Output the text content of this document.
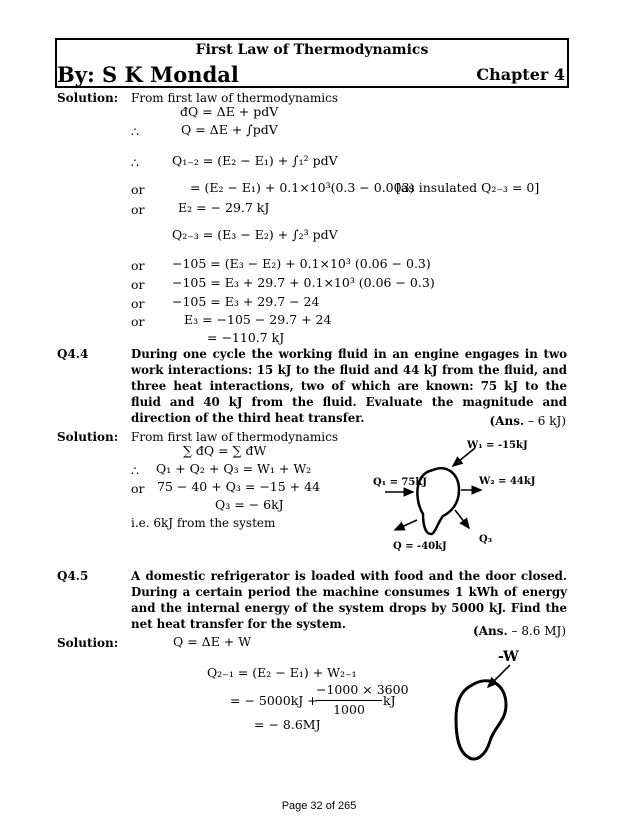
First Law of Thermodynamics
By: S K Mondal	Chapter 4
Solution: From first law of thermodynamics
đQ = ΔE + pdV
∴	Q = ΔE + ∫pdV
∴	Q₁₋₂ = (E₂ − E₁) + ∫₁² pdV
or	= (E₂ − E₁) + 0.1×10³(0.3 − 0.003)
[as insulated Q₂₋₃ = 0]
or	E₂ = − 29.7 kJ
Q₂₋₃ = (E₃ − E₂) + ∫₂³ pdV
or −105 = (E₃ − E₂) + 0.1×10³ (0.06 − 0.3)
or −105 = E₃ + 29.7 + 0.1×10³ (0.06 − 0.3)
or −105 = E₃ + 29.7 − 24
or	E₃ = −105 − 29.7 + 24
= −110.7 kJ
Q4.4	During one cycle the working fluid in an engine engages in two work interactions: 15 kJ to the fluid and 44 kJ from the fluid, and three heat interactions, two of which are known: 75 kJ to the fluid and 40 kJ from the fluid. Evaluate the magnitude and direction of the third heat transfer.	(Ans. – 6 kJ)
Solution: From first law of thermodynamics
∑ đQ = ∑ đW
∴ Q₁ + Q₂ + Q₃ = W₁ + W₂
or 75 − 40 + Q₃ = −15 + 44
Q₃ = − 6kJ
i.e. 6kJ from the system
W₁ = -15kJ
Q₁ = 75kJ	W₂ = 44kJ
Q = -40kJ
Q₃
Q4.5	A domestic refrigerator is loaded with food and the door closed. During a certain period the machine consumes 1 kWh of energy and the internal energy of the system drops by 5000 kJ. Find the net heat transfer for the system.	(Ans. – 8.6 MJ)
Solution:	Q = ΔE + W
Q₂₋₁ = (E₂ − E₁) + W₂₋₁
= − 5000kJ +
−1000 × 3600
1000
kJ
= − 8.6MJ
-W
Page 32 of 265
